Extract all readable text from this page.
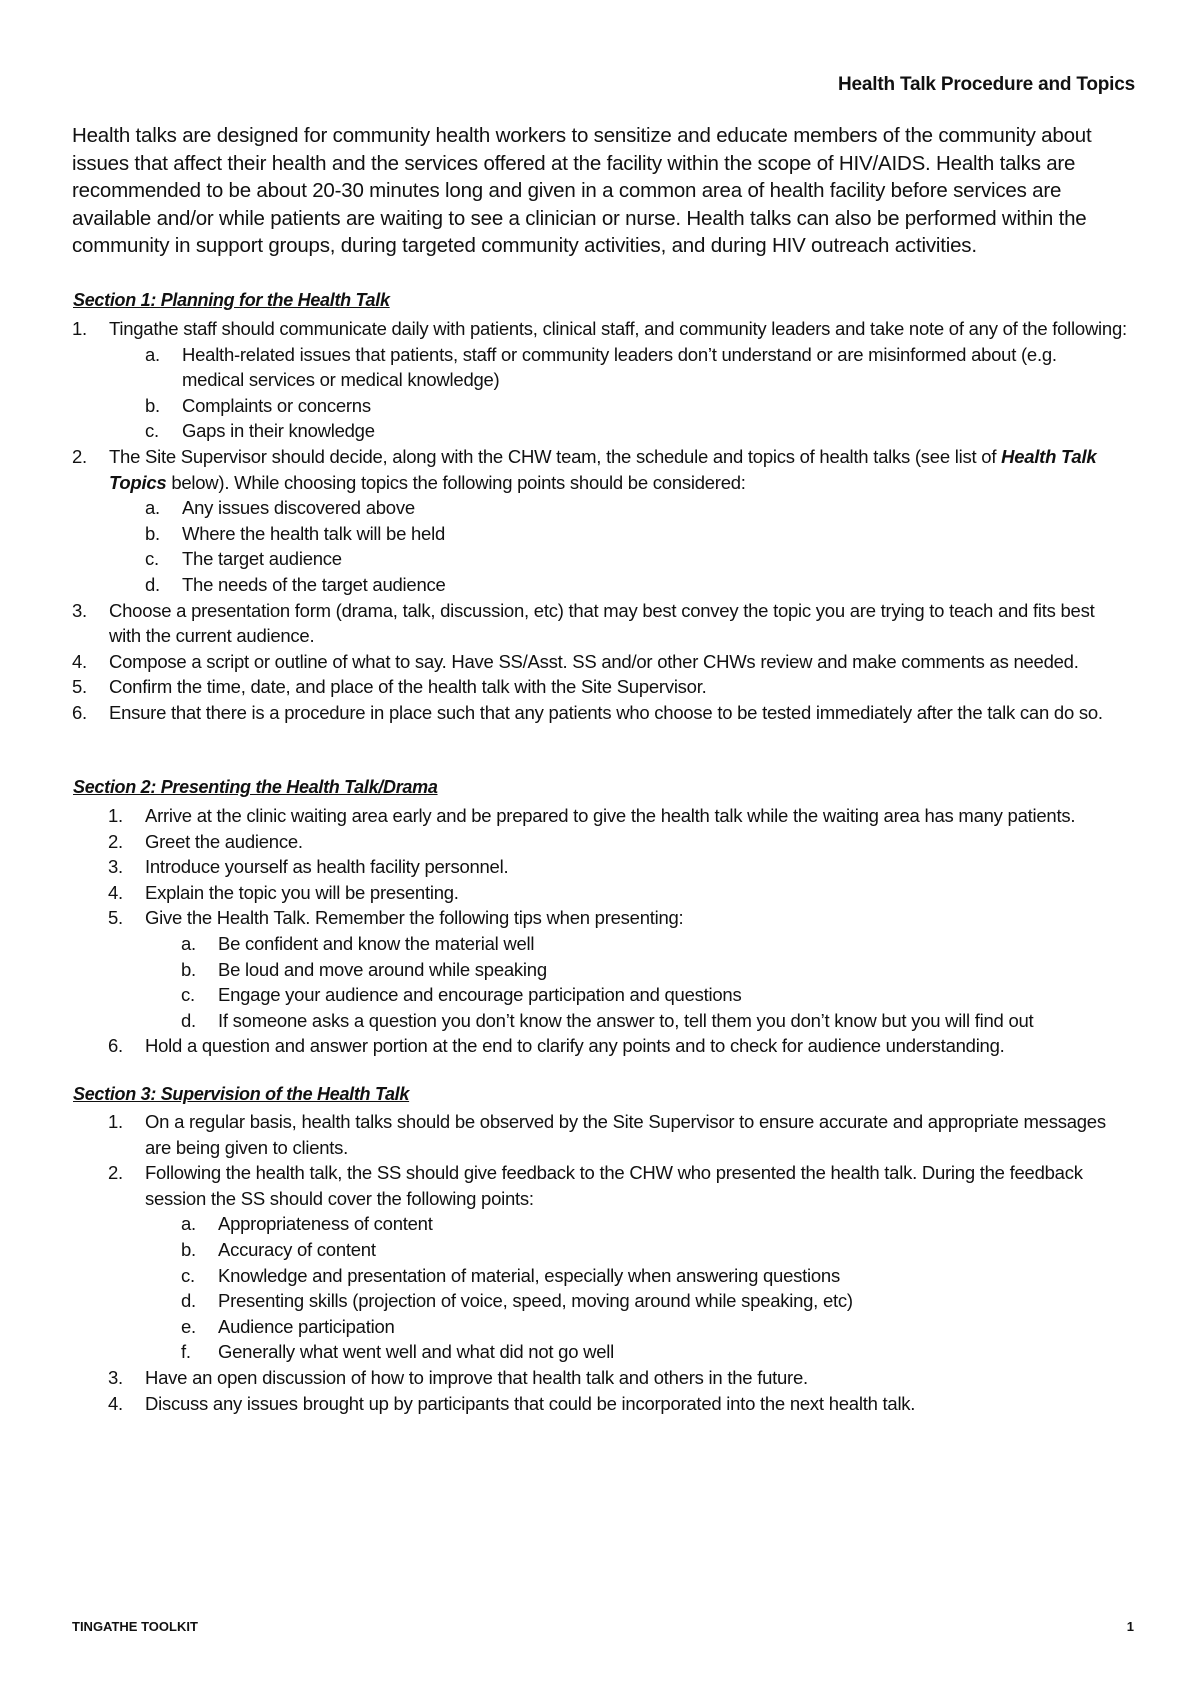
Health Talk Procedure and Topics
Health talks are designed for community health workers to sensitize and educate members of the community about issues that affect their health and the services offered at the facility within the scope of HIV/AIDS. Health talks are recommended to be about 20-30 minutes long and given in a common area of health facility before services are available and/or while patients are waiting to see a clinician or nurse. Health talks can also be performed within the community in support groups, during targeted community activities, and during HIV outreach activities.
Section 1: Planning for the Health Talk
1. Tingathe staff should communicate daily with patients, clinical staff, and community leaders and take note of any of the following:
a. Health-related issues that patients, staff or community leaders don’t understand or are misinformed about (e.g. medical services or medical knowledge)
b. Complaints or concerns
c. Gaps in their knowledge
2. The Site Supervisor should decide, along with the CHW team, the schedule and topics of health talks (see list of Health Talk Topics below). While choosing topics the following points should be considered:
a. Any issues discovered above
b. Where the health talk will be held
c. The target audience
d. The needs of the target audience
3. Choose a presentation form (drama, talk, discussion, etc) that may best convey the topic you are trying to teach and fits best with the current audience.
4. Compose a script or outline of what to say. Have SS/Asst. SS and/or other CHWs review and make comments as needed.
5. Confirm the time, date, and place of the health talk with the Site Supervisor.
6. Ensure that there is a procedure in place such that any patients who choose to be tested immediately after the talk can do so.
Section 2: Presenting the Health Talk/Drama
1. Arrive at the clinic waiting area early and be prepared to give the health talk while the waiting area has many patients.
2. Greet the audience.
3. Introduce yourself as health facility personnel.
4. Explain the topic you will be presenting.
5. Give the Health Talk. Remember the following tips when presenting:
a. Be confident and know the material well
b. Be loud and move around while speaking
c. Engage your audience and encourage participation and questions
d. If someone asks a question you don’t know the answer to, tell them you don’t know but you will find out
6. Hold a question and answer portion at the end to clarify any points and to check for audience understanding.
Section 3: Supervision of the Health Talk
1. On a regular basis, health talks should be observed by the Site Supervisor to ensure accurate and appropriate messages are being given to clients.
2. Following the health talk, the SS should give feedback to the CHW who presented the health talk. During the feedback session the SS should cover the following points:
a. Appropriateness of content
b. Accuracy of content
c. Knowledge and presentation of material, especially when answering questions
d. Presenting skills (projection of voice, speed, moving around while speaking, etc)
e. Audience participation
f. Generally what went well and what did not go well
3. Have an open discussion of how to improve that health talk and others in the future.
4. Discuss any issues brought up by participants that could be incorporated into the next health talk.
TINGATHE TOOLKIT	1
